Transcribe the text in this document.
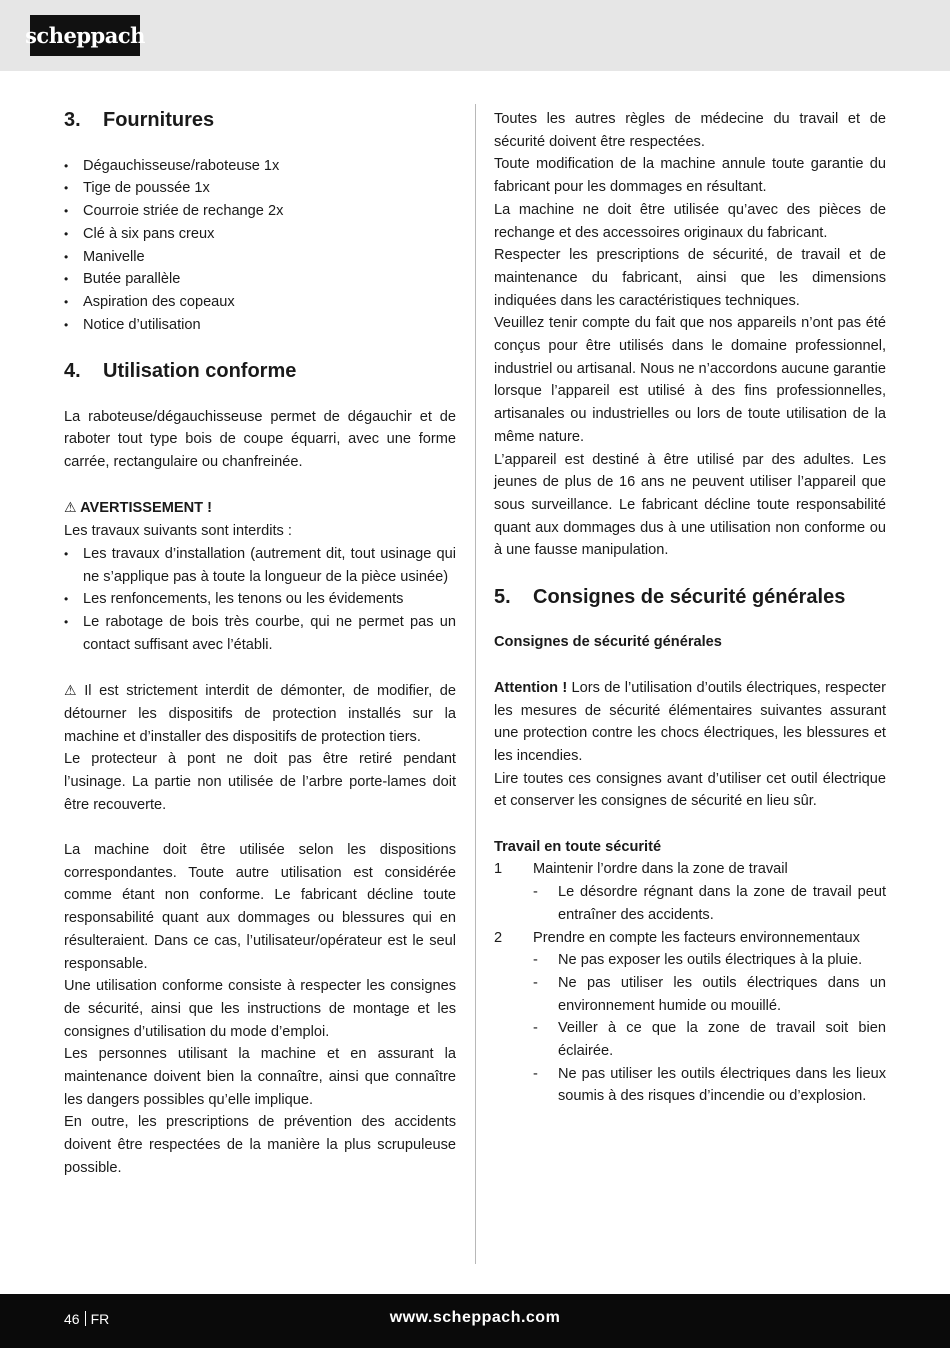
scheppach
3.	Fournitures
• Dégauchisseuse/raboteuse 1x
• Tige de poussée 1x
• Courroie striée de rechange 2x
• Clé à six pans creux
• Manivelle
• Butée parallèle
• Aspiration des copeaux
• Notice d’utilisation
4.	Utilisation conforme

La raboteuse/dégauchisseuse permet de dégauchir et de raboter tout type bois de coupe équarri, avec une forme carrée, rectangulaire ou chanfreinée.

⚠ AVERTISSEMENT !

Les travaux suivants sont interdits :

• Les travaux d’installation (autrement dit, tout usinage qui ne s’applique pas à toute la longueur de la pièce usinée)
• Les renfoncements, les tenons ou les évidements
• Le rabotage de bois très courbe, qui ne permet pas un contact suffisant avec l’établi.

⚠ Il est strictement interdit de démonter, de modifier, de détourner les dispositifs de protection installés sur la machine et d’installer des dispositifs de protection tiers.

Le protecteur à pont ne doit pas être retiré pendant l’usinage. La partie non utilisée de l’arbre porte-lames doit être recouverte.

La machine doit être utilisée selon les dispositions correspondantes. Toute autre utilisation est considérée comme étant non conforme. Le fabricant décline toute responsabilité quant aux dommages ou blessures qui en résulteraient. Dans ce cas, l’utilisateur/opérateur est le seul responsable.

Une utilisation conforme consiste à respecter les consignes de sécurité, ainsi que les instructions de montage et les consignes d’utilisation du mode d’emploi.

Les personnes utilisant la machine et en assurant la maintenance doivent bien la connaître, ainsi que connaître les dangers possibles qu’elle implique.

En outre, les prescriptions de prévention des accidents doivent être respectées de la manière la plus scrupuleuse possible.

Toutes les autres règles de médecine du travail et de sécurité doivent être respectées.

Toute modification de la machine annule toute garantie du fabricant pour les dommages en résultant.

La machine ne doit être utilisée qu’avec des pièces de rechange et des accessoires originaux du fabricant.

Respecter les prescriptions de sécurité, de travail et de maintenance du fabricant, ainsi que les dimensions indiquées dans les caractéristiques techniques.

Veuillez tenir compte du fait que nos appareils n’ont pas été conçus pour être utilisés dans le domaine professionnel, industriel ou artisanal. Nous ne n’accordons aucune garantie lorsque l’appareil est utilisé à des fins professionnelles, artisanales ou industrielles ou lors de toute utilisation de la même nature.

L’appareil est destiné à être utilisé par des adultes. Les jeunes de plus de 16 ans ne peuvent utiliser l’appareil que sous surveillance. Le fabricant décline toute responsabilité quant aux dommages dus à une utilisation non conforme ou à une fausse manipulation.

5.	Consignes de sécurité générales
Consignes de sécurité générales

Attention ! Lors de l’utilisation d’outils électriques, respecter les mesures de sécurité élémentaires suivantes assurant une protection contre les chocs électriques, les blessures et les incendies.

Lire toutes ces consignes avant d’utiliser cet outil électrique et conserver les consignes de sécurité en lieu sûr.

Travail en toute sécurité
1	Maintenir l’ordre dans la zone de travail
-	Le désordre régnant dans la zone de travail peut entraîner des accidents.
2	Prendre en compte les facteurs environnementaux
-	Ne pas exposer les outils électriques à la pluie.
-	Ne pas utiliser les outils électriques dans un environnement humide ou mouillé.
-	Veiller à ce que la zone de travail soit bien éclairée.
-	Ne pas utiliser les outils électriques dans les lieux soumis à des risques d’incendie ou d’explosion.
46 FR	www.scheppach.com
